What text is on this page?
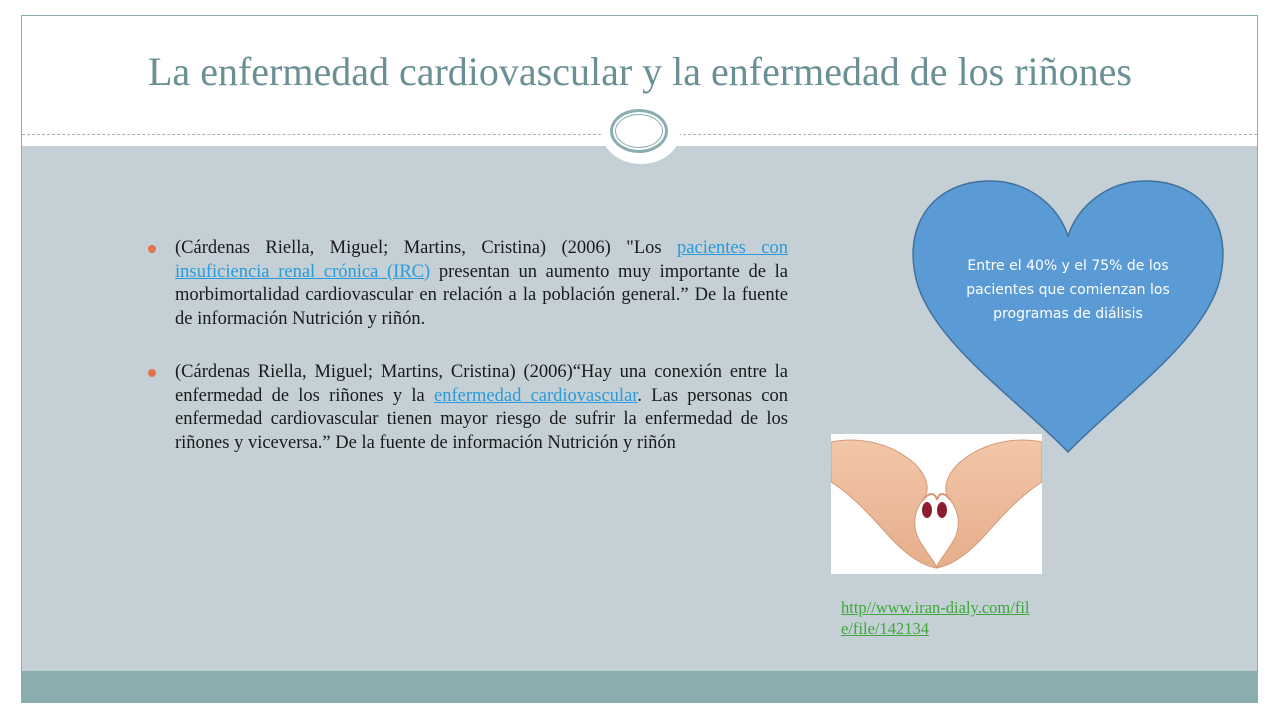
La enfermedad cardiovascular y la enfermedad de los riñones
(Cárdenas Riella, Miguel; Martins, Cristina) (2006) "Los pacientes con insuficiencia renal crónica (IRC) presentan un aumento muy importante de la morbimortalidad cardiovascular en relación a la población general.” De la fuente de información Nutrición y riñón.
(Cárdenas Riella, Miguel; Martins, Cristina) (2006)“Hay una conexión entre la enfermedad de los riñones y la enfermedad cardiovascular. Las personas con enfermedad cardiovascular tienen mayor riesgo de sufrir la enfermedad de los riñones y viceversa.” De la fuente de información Nutrición y riñón
Entre el 40% y el 75% de los pacientes que comienzan los programas de diálisis
http//www.iran-dialy.com/file/file/142134
